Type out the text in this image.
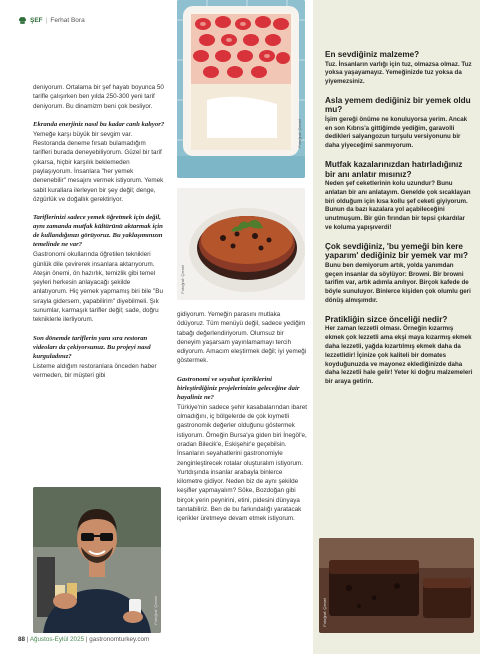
ŞEF | Ferhat Bora
Fotoğraf: Çemel
Fotoğraf: Çemel

deniyorum. Ortalama bir şef hayatı boyunca 50 tarifle çalışırken ben yılda 250-300 yeni tarif deniyorum. Bu dinamizm beni çok besliyor.

Ekranda enerjiniz nasıl bu kadar canlı kalıyor?

Yemeğe karşı büyük bir sevgim var. Restoranda deneme fırsatı bulamadığım tarifleri burada deneyebiliyorum. Güzel bir tarif çıkarsa, hiçbir karşılık beklemeden paylaşıyorum. İnsanlara "her yemek denenebilir" mesajını vermek istiyorum. Yemek sabit kurallara ilerleyen bir şey değil; denge, özgürlük ve doğallık gerektiriyor.

Tariflerinizi sadece yemek öğretmek için değil, aynı zamanda mutfak kültürünü aktarmak için de kullandığınızı görüyoruz. Bu yaklaşımınızın temelinde ne var?

Gastronomi okullarında öğretilen teknikleri günlük dile çevirerek insanlara aktarıyorum. Ateşin önemi, ön hazırlık, temizlik gibi temel şeyleri herkesin anlayacağı şekilde anlatıyorum. Hiç yemek yapmamış biri bile "Bu sırayla gidersem, yapabilirim" diyebilmeli. Şık sunumlar, karmaşık tarifler değil; sade, doğru tekniklerle ilerliyorum.

Son dönemde tariflerin yanı sıra restoran videoları da çekiyorsunuz. Bu projeyi nasıl kurguladınız?

Listeme aldığım restoranlara önceden haber vermeden, bir müşteri gibi

Fotoğraf: Çemel

gidiyorum. Yemeğin parasını mutlaka ödüyoruz. Tüm menüyü değil, sadece yediğim tabağı değerlendiriyorum. Olumsuz bir deneyim yaşarsam yayınlamamayı tercih ediyorum. Amacım eleştirmek değil; iyi yemeği göstermek.

Gastronomi ve seyahat içeriklerini birleştirdiğiniz projelerinizin geleceğine dair hayaliniz ne?

Türkiye'nin sadece şehir kasabalarından ibaret olmadığını, iç bölgelerde de çok kıymetli gastronomik değerler olduğunu göstermek istiyorum. Örneğin Bursa'ya giden biri İnegöl'e, oradan Bilecik'e, Eskişehir'e geçebilsin. İnsanların seyahatlerini gastronomiyle zenginleştirecek rotalar oluşturalım istiyorum. Yurtdışında insanlar arabayla binlerce kilometre gidiyor. Neden biz de aynı şekilde keşifler yapmayalım? Söke, Bozdoğan gibi birçok yerin peynirini, etini, pidesini dünyaya tanıtabiliriz. Ben de bu farkındalığı yaratacak içerikler üretmeye devam etmek istiyorum.

En sevdiğiniz malzeme?
Tuz. İnsanların varlığı için tuz, olmazsa olmaz. Tuz yoksa yaşayamayız. Yemeğinizde tuz yoksa da yiyemezsiniz.
Asla yemem dediğiniz bir yemek oldu mu?
İşim gereği önüme ne konuluyorsa yerim. Ancak en son Kıbrıs'a gittiğimde yediğim, garavolli dedikleri salyangozun turşulu versiyonunu bir daha yiyeceğimi sanmıyorum.
Mutfak kazalarınızdan hatırladığınız bir anı anlatır mısınız?
Neden şef ceketlerinin kolu uzundur? Bunu anlatan bir anı anlatayım. Genelde çok sıcaklayan biri olduğum için kısa kollu şef ceketi giyiyorum. Bunun da bazı kazalara yol açabileceğini unutmuşum. Bir gün fırından bir tepsi çıkardılar ve koluma yapışıverdi!
Çok sevdiğiniz, 'bu yemeği bin kere yaparım' dediğiniz bir yemek var mı?
Bunu ben demiyorum artık, yolda yanımdan geçen insanlar da söylüyor: Browni. Bir browni tarifim var, artık adımla anılıyor. Birçok kafede de böyle sunuluyor. Binlerce kişiden çok olumlu geri dönüş almışımdır.
Pratikliğin sizce önceliği nedir?
Her zaman lezzetli olması. Örneğin kızarmış ekmek çok lezzetli ama ekşi maya kızarmış ekmek daha lezzetli, yağda kızartılmış ekmek daha da lezzetlidir! İçinize çok kaliteli bir domates koyduğunuzda ve mayonez eklediğinizde daha daha lezzetli hale gelir! Yeter ki doğru malzemeleri bir araya getirin.
Fotoğraf: Çemel
88 | Ağustos-Eylül 2025 | gastronomturkey.com
